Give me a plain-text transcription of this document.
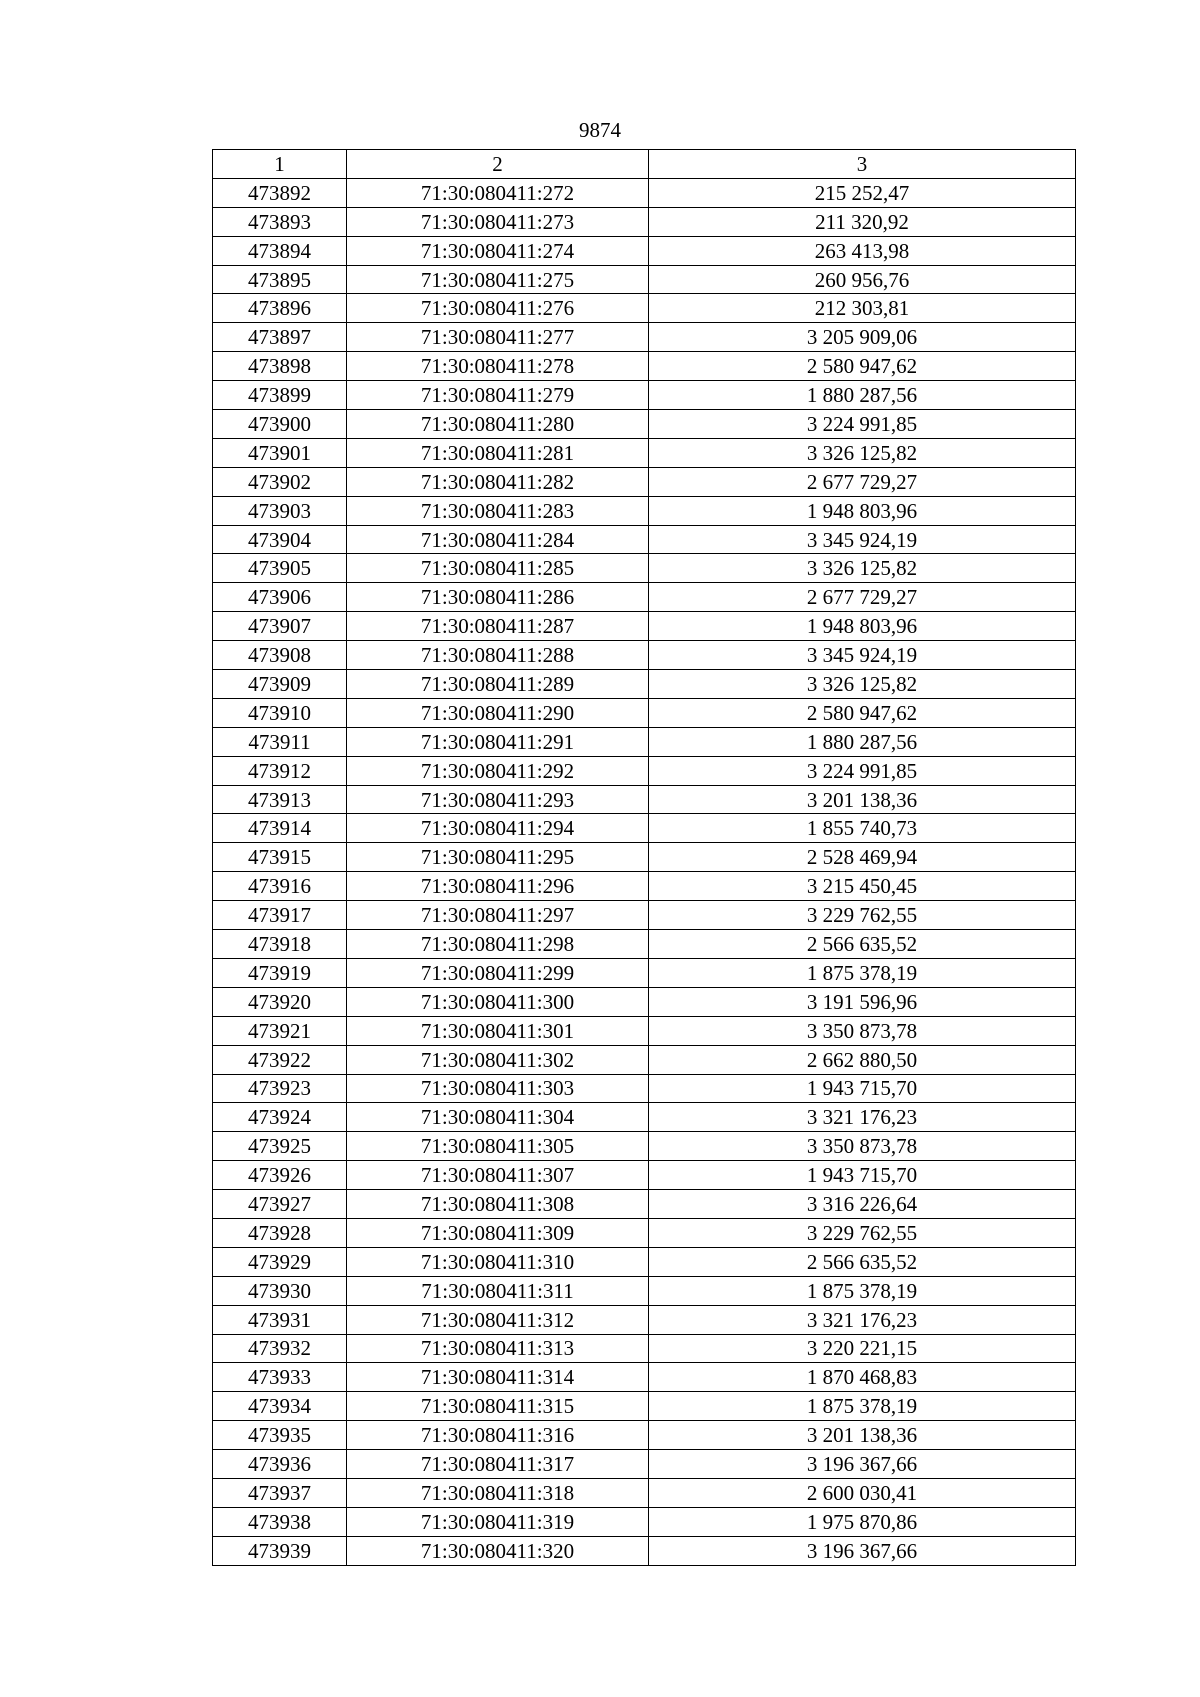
9874
1	2	3
473892	71:30:080411:272	215 252,47
473893	71:30:080411:273	211 320,92
473894	71:30:080411:274	263 413,98
473895	71:30:080411:275	260 956,76
473896	71:30:080411:276	212 303,81
473897	71:30:080411:277	3 205 909,06
473898	71:30:080411:278	2 580 947,62
473899	71:30:080411:279	1 880 287,56
473900	71:30:080411:280	3 224 991,85
473901	71:30:080411:281	3 326 125,82
473902	71:30:080411:282	2 677 729,27
473903	71:30:080411:283	1 948 803,96
473904	71:30:080411:284	3 345 924,19
473905	71:30:080411:285	3 326 125,82
473906	71:30:080411:286	2 677 729,27
473907	71:30:080411:287	1 948 803,96
473908	71:30:080411:288	3 345 924,19
473909	71:30:080411:289	3 326 125,82
473910	71:30:080411:290	2 580 947,62
473911	71:30:080411:291	1 880 287,56
473912	71:30:080411:292	3 224 991,85
473913	71:30:080411:293	3 201 138,36
473914	71:30:080411:294	1 855 740,73
473915	71:30:080411:295	2 528 469,94
473916	71:30:080411:296	3 215 450,45
473917	71:30:080411:297	3 229 762,55
473918	71:30:080411:298	2 566 635,52
473919	71:30:080411:299	1 875 378,19
473920	71:30:080411:300	3 191 596,96
473921	71:30:080411:301	3 350 873,78
473922	71:30:080411:302	2 662 880,50
473923	71:30:080411:303	1 943 715,70
473924	71:30:080411:304	3 321 176,23
473925	71:30:080411:305	3 350 873,78
473926	71:30:080411:307	1 943 715,70
473927	71:30:080411:308	3 316 226,64
473928	71:30:080411:309	3 229 762,55
473929	71:30:080411:310	2 566 635,52
473930	71:30:080411:311	1 875 378,19
473931	71:30:080411:312	3 321 176,23
473932	71:30:080411:313	3 220 221,15
473933	71:30:080411:314	1 870 468,83
473934	71:30:080411:315	1 875 378,19
473935	71:30:080411:316	3 201 138,36
473936	71:30:080411:317	3 196 367,66
473937	71:30:080411:318	2 600 030,41
473938	71:30:080411:319	1 975 870,86
473939	71:30:080411:320	3 196 367,66
